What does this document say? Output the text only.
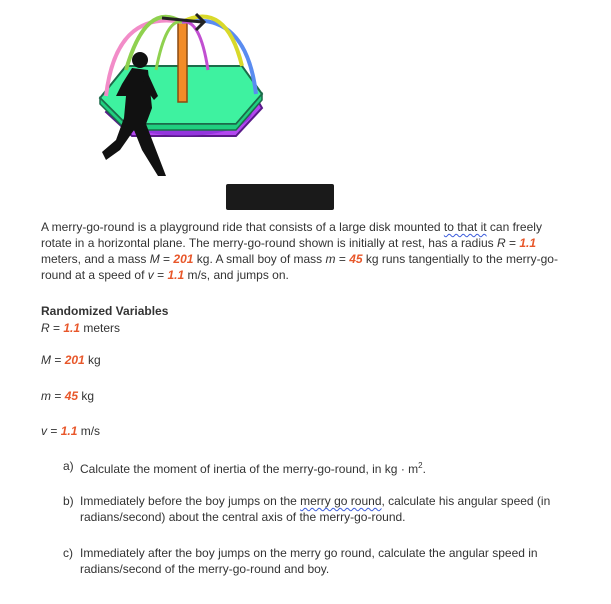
A merry-go-round is a playground ride that consists of a large disk mounted to that it can freely rotate in a horizontal plane. The merry-go-round shown is initially at rest, has a radius R = 1.1 meters, and a mass M = 201 kg. A small boy of mass m = 45 kg runs tangentially to the merry-go-round at a speed of v = 1.1 m/s, and jumps on.

Randomized Variables
R = 1.1 meters
M = 201 kg
m = 45 kg
v = 1.1 m/s
a) Calculate the moment of inertia of the merry-go-round, in kg · $m^2$.
b) Immediately before the boy jumps on the merry go round, calculate his angular speed (in radians/second) about the central axis of the merry-go-round.
c) Immediately after the boy jumps on the merry go round, calculate the angular speed in radians/second of the merry-go-round and boy.
